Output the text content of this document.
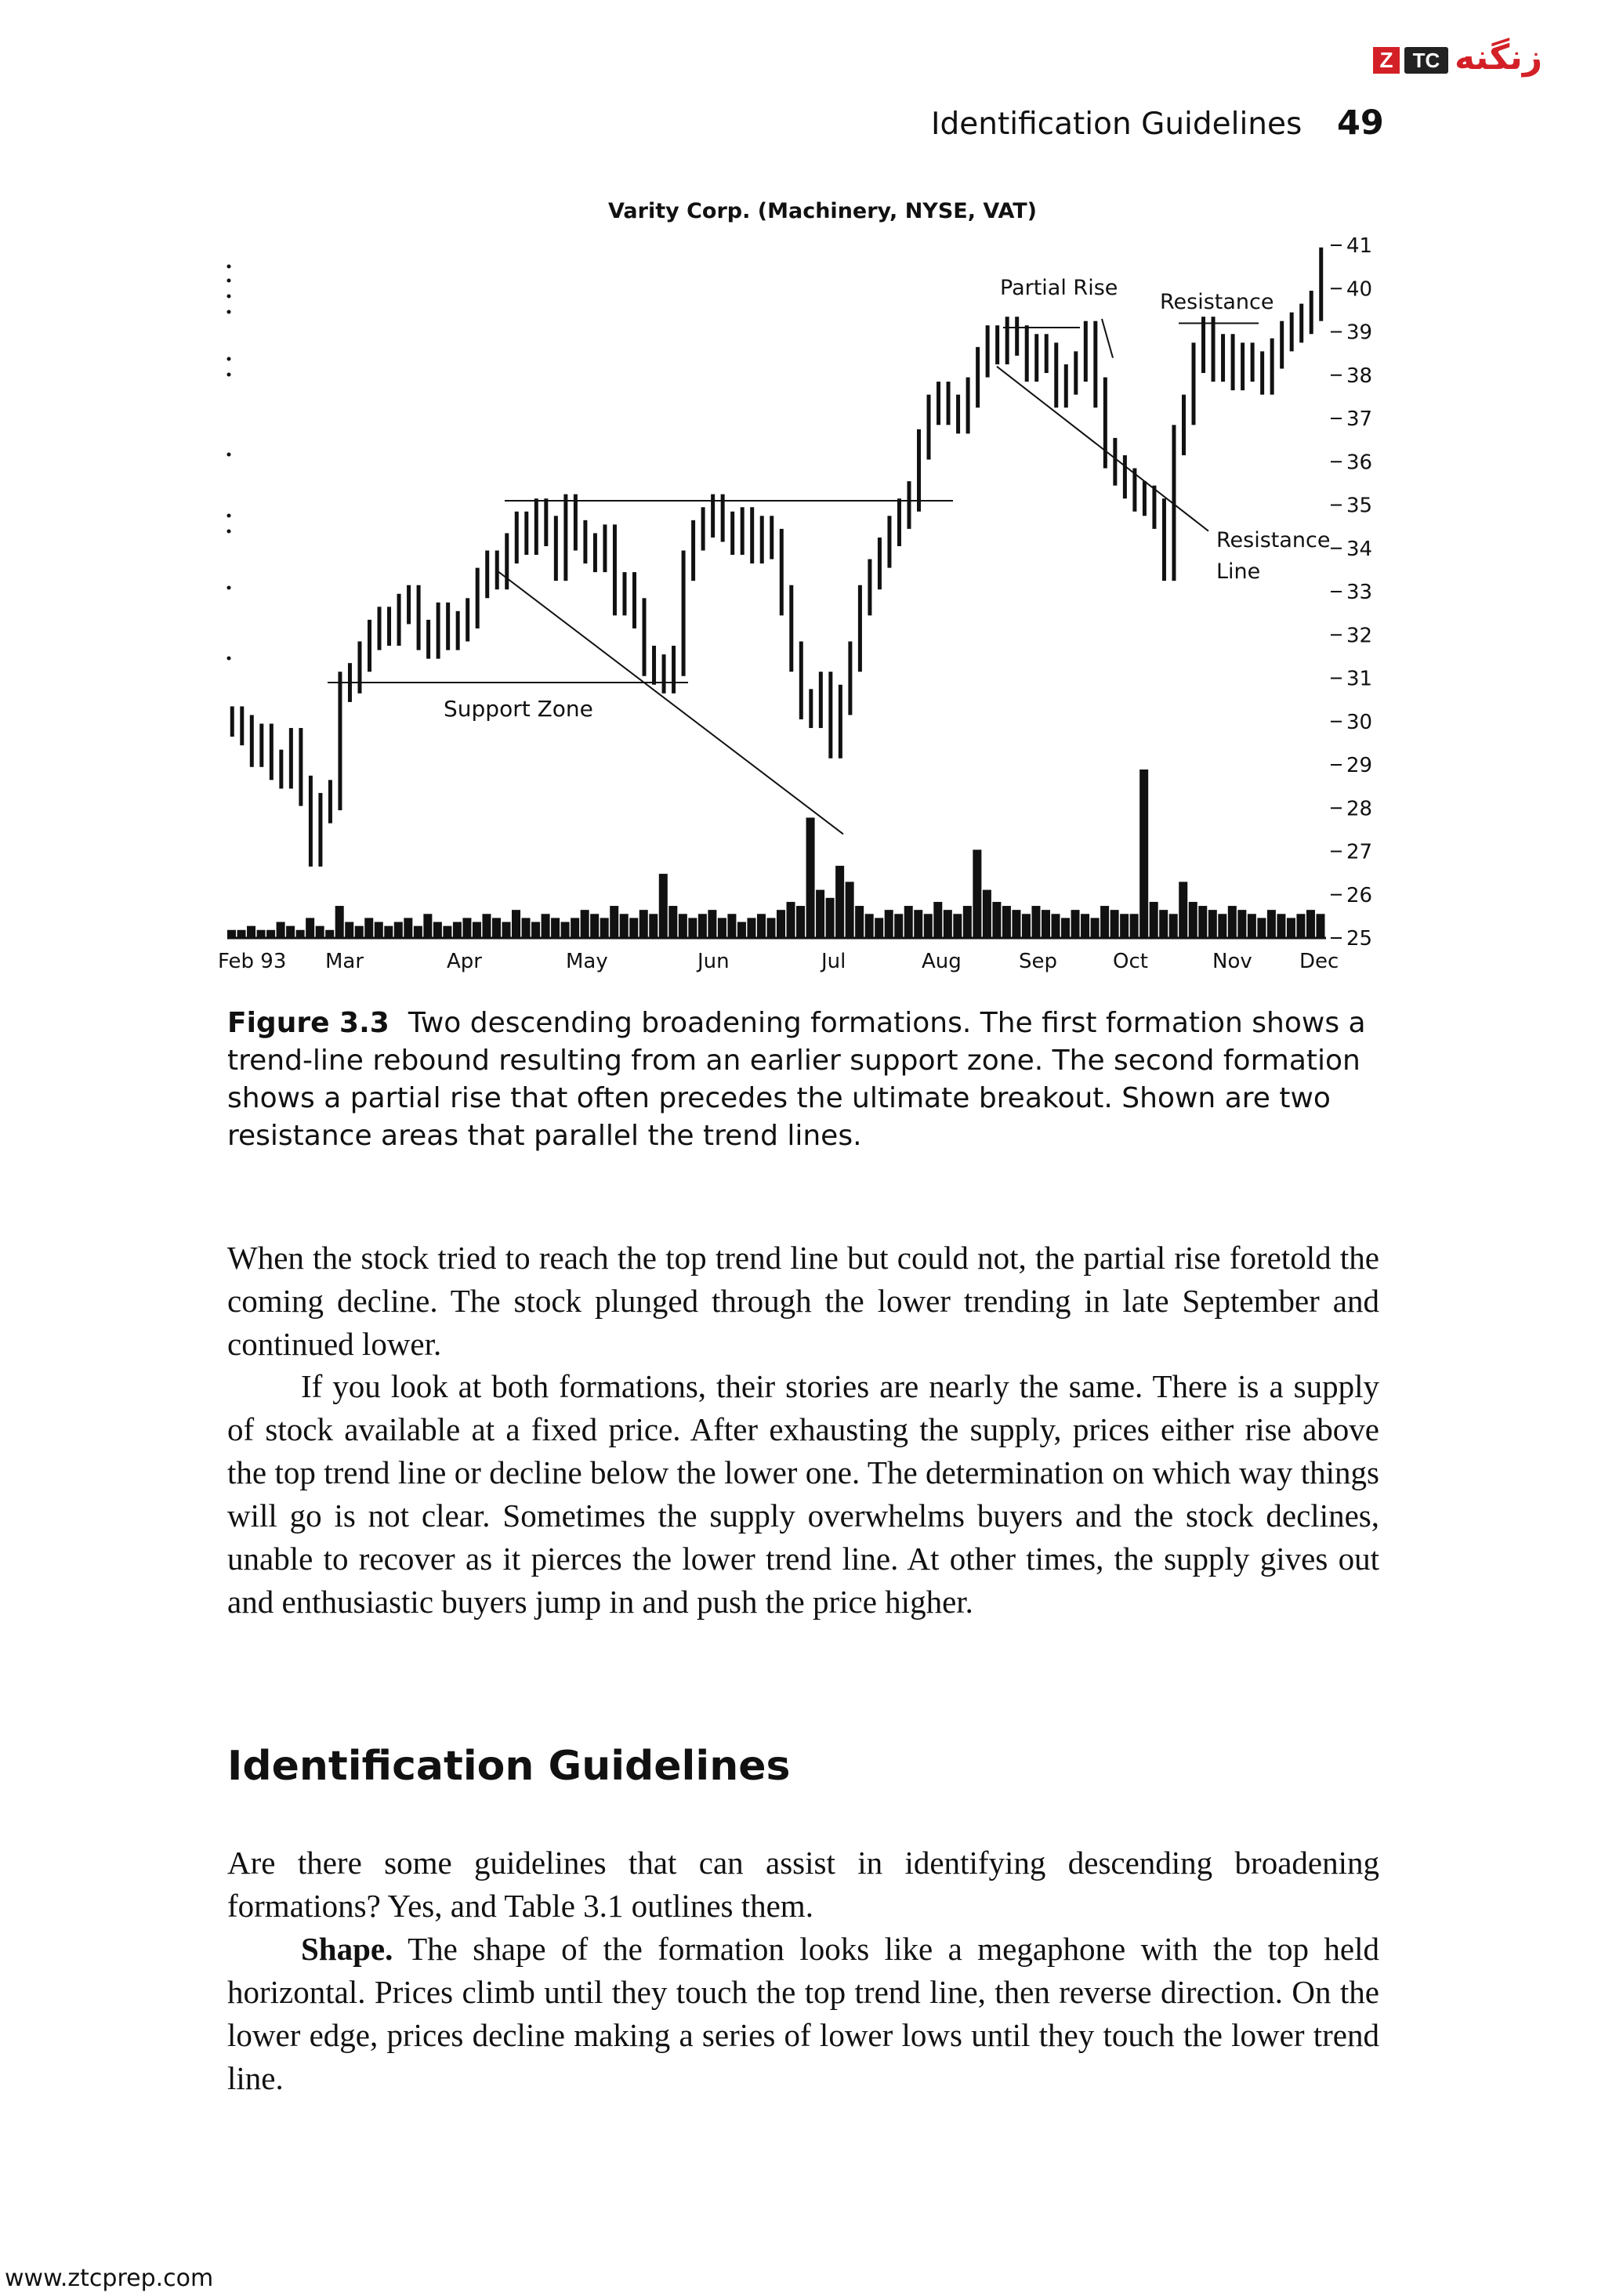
Z TC زنگنه
Identification Guidelines 49
Varity Corp. (Machinery, NYSE, VAT)
25
26
27
28
29
30
31
32
33
34
35
36
37
38
39
40
41
Feb 93 Mar	Apr	May	Jun	Jul	Aug	Sep	Oct	Nov Dec
Support Zone
Partial Rise
Resistance
Resistance
Line
Figure 3.3 Two descending broadening formations. The first formation shows a trend-line rebound resulting from an earlier support zone. The second formation shows a partial rise that often precedes the ultimate breakout. Shown are two resistance areas that parallel the trend lines.

When the stock tried to reach the top trend line but could not, the partial rise foretold the coming decline. The stock plunged through the lower trending in late September and continued lower.

If you look at both formations, their stories are nearly the same. There is a supply of stock available at a fixed price. After exhausting the supply, prices either rise above the top trend line or decline below the lower one. The determination on which way things will go is not clear. Sometimes the supply overwhelms buyers and the stock declines, unable to recover as it pierces the lower trend line. At other times, the supply gives out and enthusiastic buyers jump in and push the price higher.

Identification Guidelines

Are there some guidelines that can assist in identifying descending broadening formations? Yes, and Table 3.1 outlines them.

Shape. The shape of the formation looks like a megaphone with the top held horizontal. Prices climb until they touch the top trend line, then reverse direction. On the lower edge, prices decline making a series of lower lows until they touch the lower trend line.

www.ztcprep.com
